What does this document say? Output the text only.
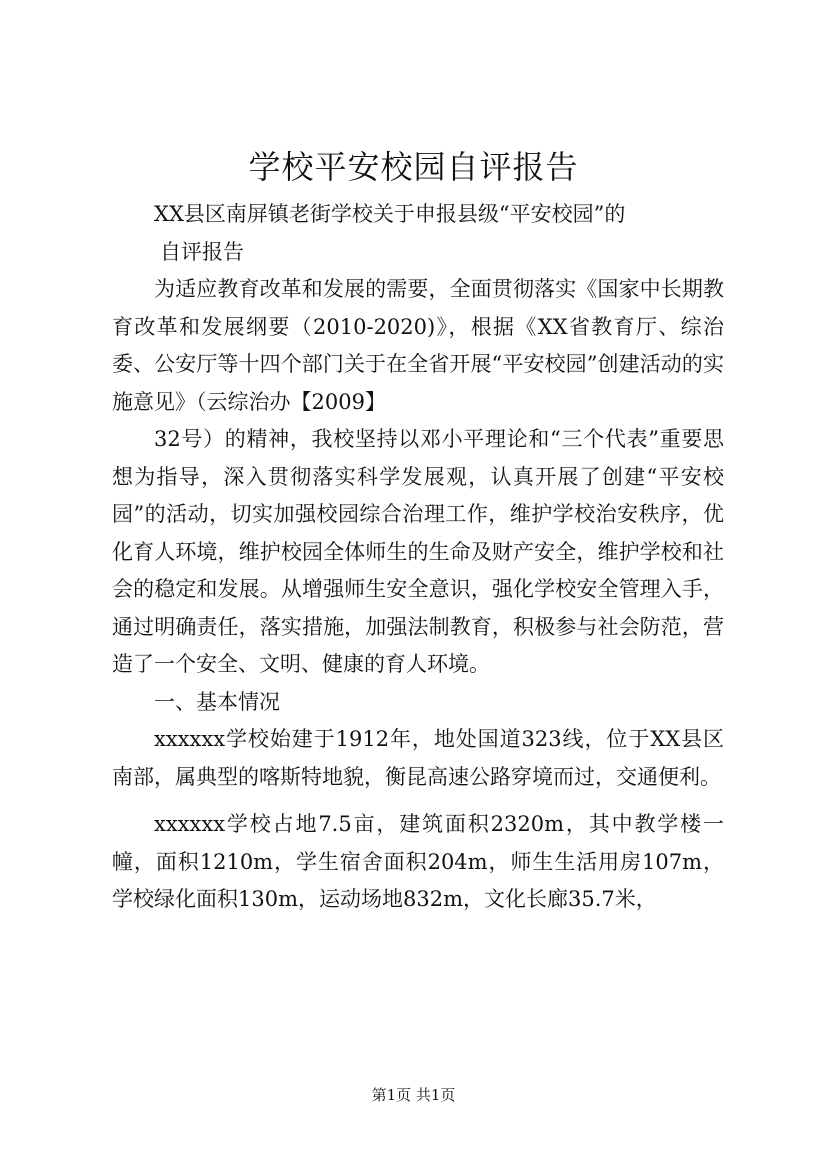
学校平安校园自评报告

XX县区南屏镇老街学校关于申报县级“平安校园”的

自评报告

为适应教育改革和发展的需要，全面贯彻落实《国家中长期教育改革和发展纲要（2010-2020)》，根据《XX省教育厅、综治委、公安厅等十四个部门关于在全省开展“平安校园”创建活动的实施意见》（云综治办【2009】

32号）的精神，我校坚持以邓小平理论和“三个代表”重要思想为指导，深入贯彻落实科学发展观，认真开展了创建“平安校园”的活动，切实加强校园综合治理工作，维护学校治安秩序，优化育人环境，维护校园全体师生的生命及财产安全，维护学校和社会的稳定和发展。从增强师生安全意识，强化学校安全管理入手，通过明确责任，落实措施，加强法制教育，积极参与社会防范，营造了一个安全、文明、健康的育人环境。

一、基本情况

xxxxxx学校始建于1912年，地处国道323线，位于XX县区南部，属典型的喀斯特地貌，衡昆高速公路穿境而过，交通便利。

xxxxxx学校占地7.5亩，建筑面积2320m，其中教学楼一幢，面积1210m，学生宿舍面积204m，师生生活用房107m，学校绿化面积130m，运动场地832m，文化长廊35.7米，

第1页 共1页
